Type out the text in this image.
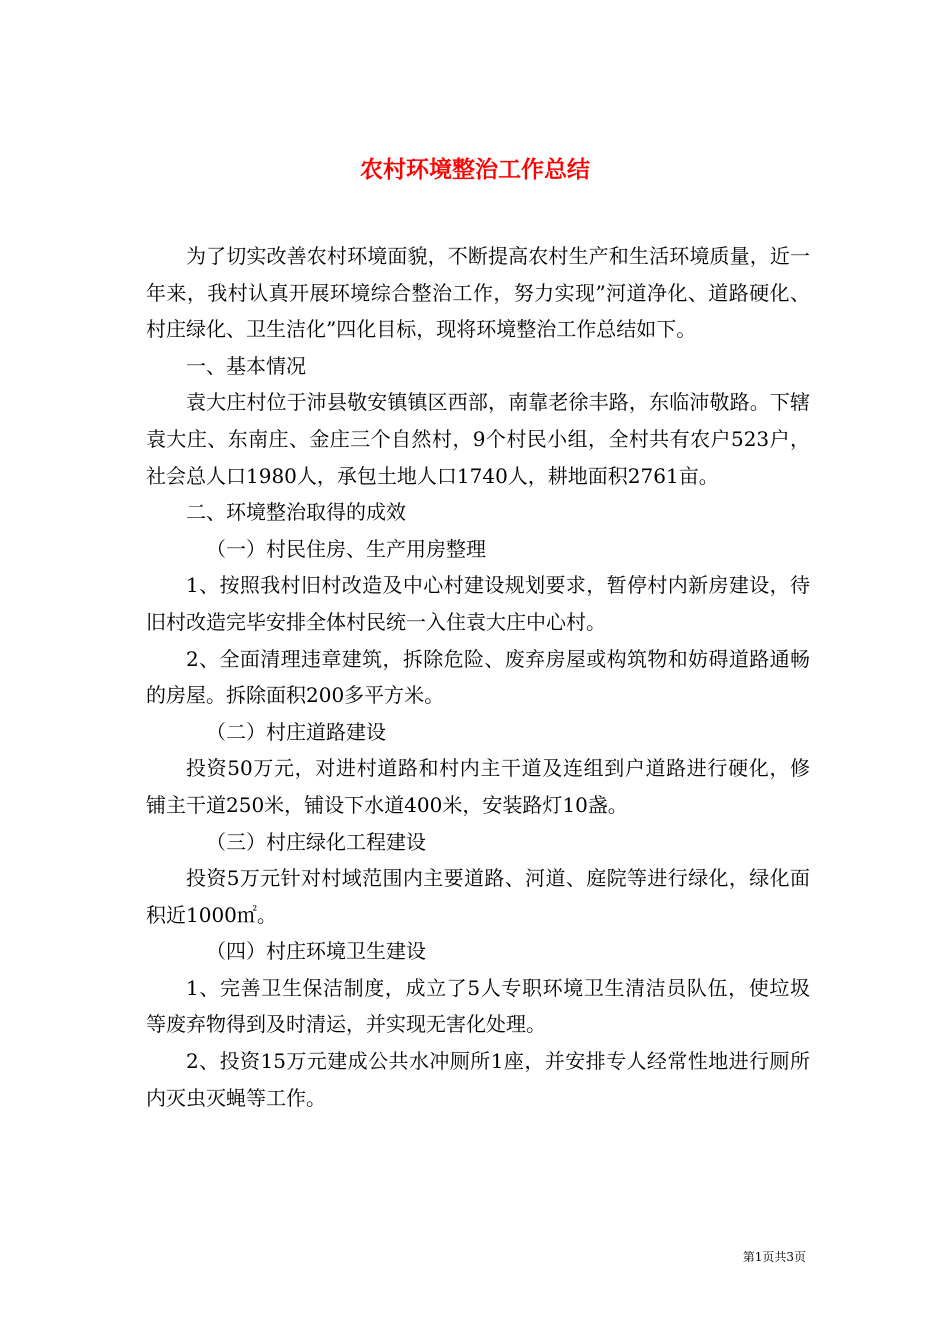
农村环境整治工作总结

为了切实改善农村环境面貌，不断提高农村生产和生活环境质量，近一年来，我村认真开展环境综合整治工作，努力实现”河道净化、道路硬化、村庄绿化、卫生洁化”四化目标，现将环境整治工作总结如下。

一、基本情况

袁大庄村位于沛县敬安镇镇区西部，南靠老徐丰路，东临沛敬路。下辖袁大庄、东南庄、金庄三个自然村，9个村民小组，全村共有农户523户，社会总人口1980人，承包土地人口1740人，耕地面积2761亩。

二、环境整治取得的成效

（一）村民住房、生产用房整理

1、按照我村旧村改造及中心村建设规划要求，暂停村内新房建设，待旧村改造完毕安排全体村民统一入住袁大庄中心村。

2、全面清理违章建筑，拆除危险、废弃房屋或构筑物和妨碍道路通畅的房屋。拆除面积200多平方米。

（二）村庄道路建设

投资50万元，对进村道路和村内主干道及连组到户道路进行硬化，修铺主干道250米，铺设下水道400米，安装路灯10盏。

（三）村庄绿化工程建设

投资5万元针对村域范围内主要道路、河道、庭院等进行绿化，绿化面积近1000㎡。

（四）村庄环境卫生建设

1、完善卫生保洁制度，成立了5人专职环境卫生清洁员队伍，使垃圾等废弃物得到及时清运，并实现无害化处理。

2、投资15万元建成公共水冲厕所1座，并安排专人经常性地进行厕所内灭虫灭蝇等工作。

第1页共3页
